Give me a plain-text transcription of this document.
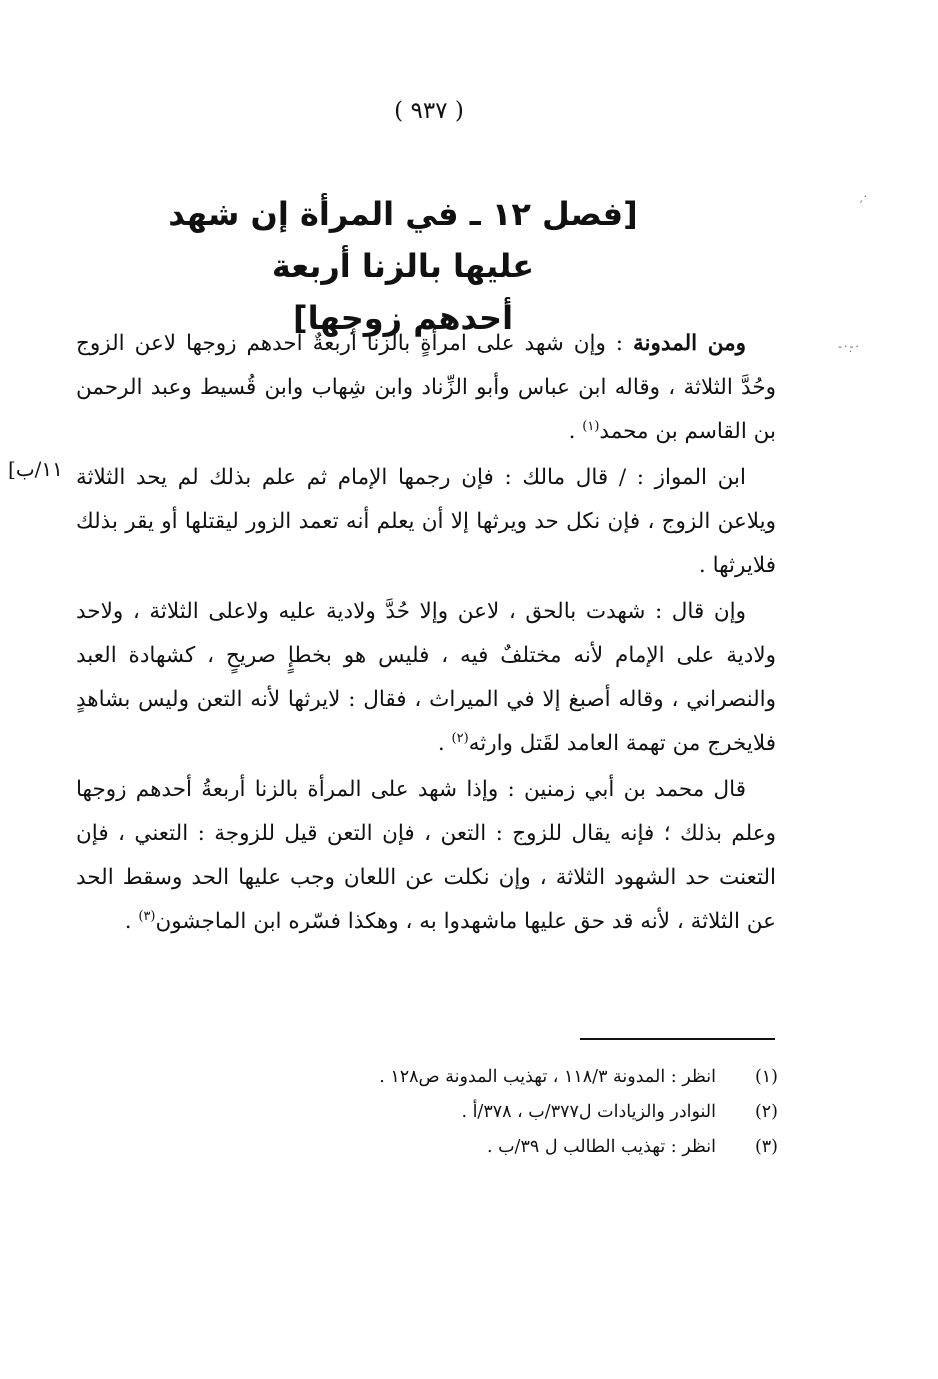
( ٩٣٧ )
[فصل ١٢ ـ في المرأة إن شهد عليها بالزنا أربعة
أحدهم زوجها]
[١١/ب

ومن المدونة : وإن شهد على امرأةٍ بالزنا أربعةٌ أحدهم زوجها لاعن الزوج وحُدَّ الثلاثة ، وقاله ابن عباس وأبو الزِّناد وابن شِهاب وابن قُسيط وعبد الرحمن بن القاسم بن محمد$^{(١)}$ .

ابن المواز : / قال مالك : فإن رجمها الإمام ثم علم بذلك لم يحد الثلاثة ويلاعن الزوج ، فإن نكل حد ويرثها إلا أن يعلم أنه تعمد الزور ليقتلها أو يقر بذلك فلايرثها .

وإن قال : شهدت بالحق ، لاعن وإلا حُدَّ ولادية عليه ولاعلى الثلاثة ، ولاحد ولادية على الإمام لأنه مختلفٌ فيه ، فليس هو بخطإٍ صريحٍ ، كشهادة العبد والنصراني ، وقاله أصبغ إلا في الميراث ، فقال : لايرثها لأنه التعن وليس بشاهدٍ فلايخرج من تهمة العامد لقَتل وارثه$^{(٢)}$ .

قال محمد بن أبي زمنين : وإذا شهد على المرأة بالزنا أربعةُ أحدهم زوجها وعلم بذلك ؛ فإنه يقال للزوج : التعن ، فإن التعن قيل للزوجة : التعني ، فإن التعنت حد الشهود الثلاثة ، وإن نكلت عن اللعان وجب عليها الحد وسقط الحد عن الثلاثة ، لأنه قد حق عليها ماشهدوا به ، وهكذا فسّره ابن الماجشون$^{(٣)}$ .

(١)
انظر : المدونة ١١٨/٣ ، تهذيب المدونة ص١٢٨ .
(٢)
النوادر والزيادات ل٣٧٧/ب ، ٣٧٨/أ .
(٣)
انظر : تهذيب الطالب ل ٣٩/ب .
·ˏ
·-̣·-
